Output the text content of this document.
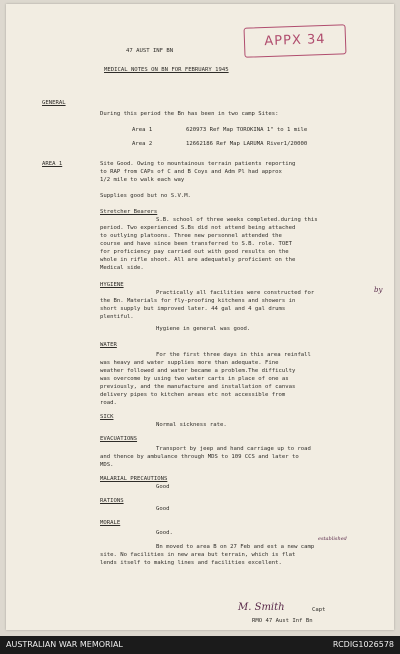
APPX 34
47 AUST INF BN
MEDICAL NOTES ON BN FOR FEBRUARY 1945
GENERAL
During this period the Bn has been in two camp Sites:
Area 1	620973 Ref Map TOROKINA 1" to 1 mile
Area 2	12662186 Ref Map LARUMA River1/20000
AREA 1	Site Good. Owing to mountainous terrain patients reporting
to RAP from CAPs of C and B Coys and Adm Pl had approx
1/2 mile to walk each way
Supplies good but no S.V.M.
Stretcher Bearers
S.B. school of three weeks completed.during this
period. Two experienced S.Bs did not attend being attached
to outlying platoons. Three new personnel attended the
course and have since been transferred to S.B. role. TOET
for proficiency pay carried out with good results on the
whole in rifle shoot. All are adequately proficient on the
Medical side.
HYGIENE
Practically all facilities were constructed for	by
the Bn. Materials for fly-proofing kitchens and showers in
short supply but improved later. 44 gal and 4 gal drums
plentiful.
Hygiene in general was good.
WATER
For the first three days in this area reinfall
was heavy and water supplies more than adequate. Fine
weather followed and water became a problem.The difficulty
was overcome by using two water carts in place of one as
previously, and the manufacture and installation of canvas
delivery pipes to kitchen areas etc not accessible from
road.
SICK
Normal sickness rate.
EVACUATIONS
Transport by jeep and hand carriage up to road
and thence by ambulance through MDS to 109 CCS and later to
MDS.
MALARIAL PRECAUTIONS
Good
RATIONS
Good
MORALE
Good.
established
Bn moved to area B on 27 Feb and est a new camp
site. No facilities in new area but terrain, which is flat
lends itself to making lines and facilities excellent.
M. Smith	Capt
RMO 47 Aust Inf Bn
AUSTRALIAN WAR MEMORIAL	RCDIG1026578
